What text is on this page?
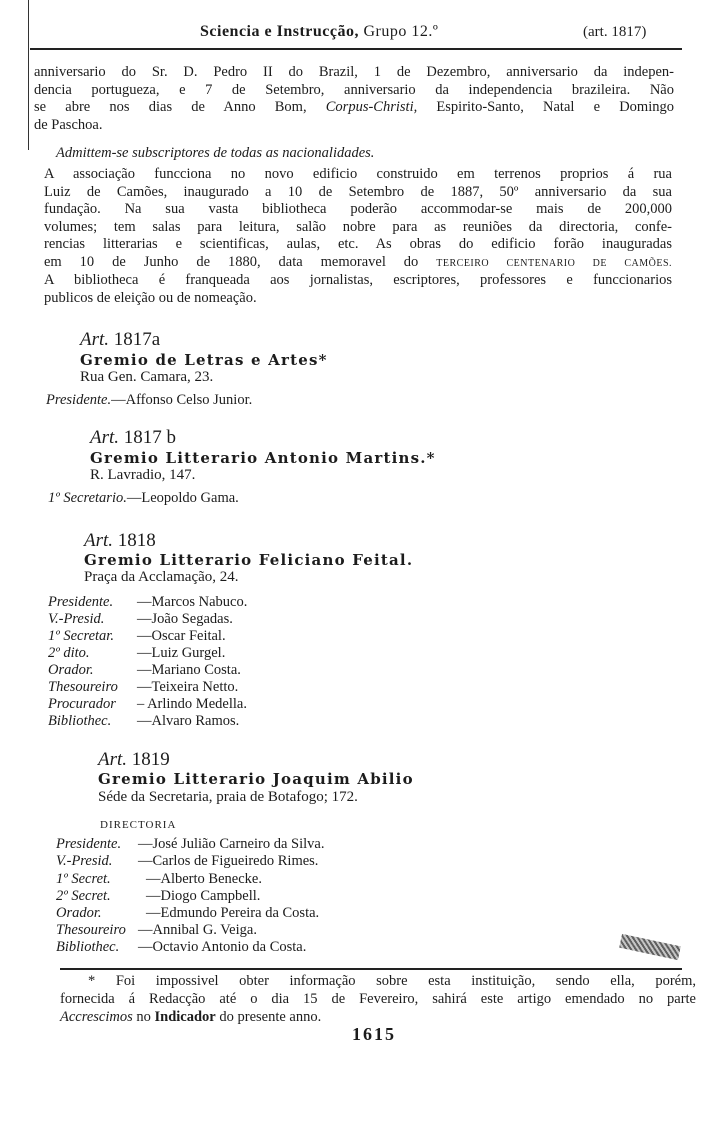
Sciencia e Instrucção, Grupo 12.º	(art. 1817)
anniversario do Sr. D. Pedro II do Brazil, 1 de Dezembro, anniversario da indepen-
dencia portugueza, e 7 de Setembro, anniversario da independencia brazileira. Não
se abre nos dias de Anno Bom, Corpus-Christi, Espirito-Santo, Natal e Domingo
de Paschoa.
Admittem-se subscriptores de todas as nacionalidades.
A associação funcciona no novo edificio construido em terrenos proprios á rua
Luiz de Camões, inaugurado a 10 de Setembro de 1887, 50º anniversario da sua
fundação. Na sua vasta bibliotheca poderão accommodar-se mais de 200,000
volumes; tem salas para leitura, salão nobre para as reuniões da directoria, confe-
rencias litterarias e scientificas, aulas, etc. As obras do edificio forão inauguradas
em 10 de Junho de 1880, data memoravel do TERCEIRO CENTENARIO DE CAMÕES.
A bibliotheca é franqueada aos jornalistas, escriptores, professores e funccionarios
publicos de eleição ou de nomeação.
Art. 1817a
Gremio de Letras e Artes*
Rua Gen. Camara, 23.
Presidente.—Affonso Celso Junior.
Art. 1817 b
Gremio Litterario Antonio Martins.*
R. Lavradio, 147.
1º Secretario.—Leopoldo Gama.
Art. 1818
Gremio Litterario Feliciano Feital.
Praça da Acclamação, 24.
Presidente. —Marcos Nabuco.
V.-Presid. —João Segadas.
1º Secretar. —Oscar Feital.
2º dito.	—Luiz Gurgel.
Orador.	—Mariano Costa.
Thesoureiro —Teixeira Netto.
Procurador – Arlindo Medella.
Bibliothec. —Alvaro Ramos.
Art. 1819
Gremio Litterario Joaquim Abilio
Séde da Secretaria, praia de Botafogo; 172.
DIRECTORIA
Presidente. —José Julião Carneiro da Silva.
V.-Presid. —Carlos de Figueiredo Rimes.
1º Secret. —Alberto Benecke.
2º Secret. —Diogo Campbell.
Orador.	—Edmundo Pereira da Costa.
Thesoureiro —Annibal G. Veiga.
Bibliothec. —Octavio Antonio da Costa.
* Foi impossivel obter informação sobre esta instituição, sendo ella, porém,
fornecida á Redacção até o dia 15 de Fevereiro, sahirá este artigo emendado no parte
Accrescimos no Indicador do presente anno.
1615
